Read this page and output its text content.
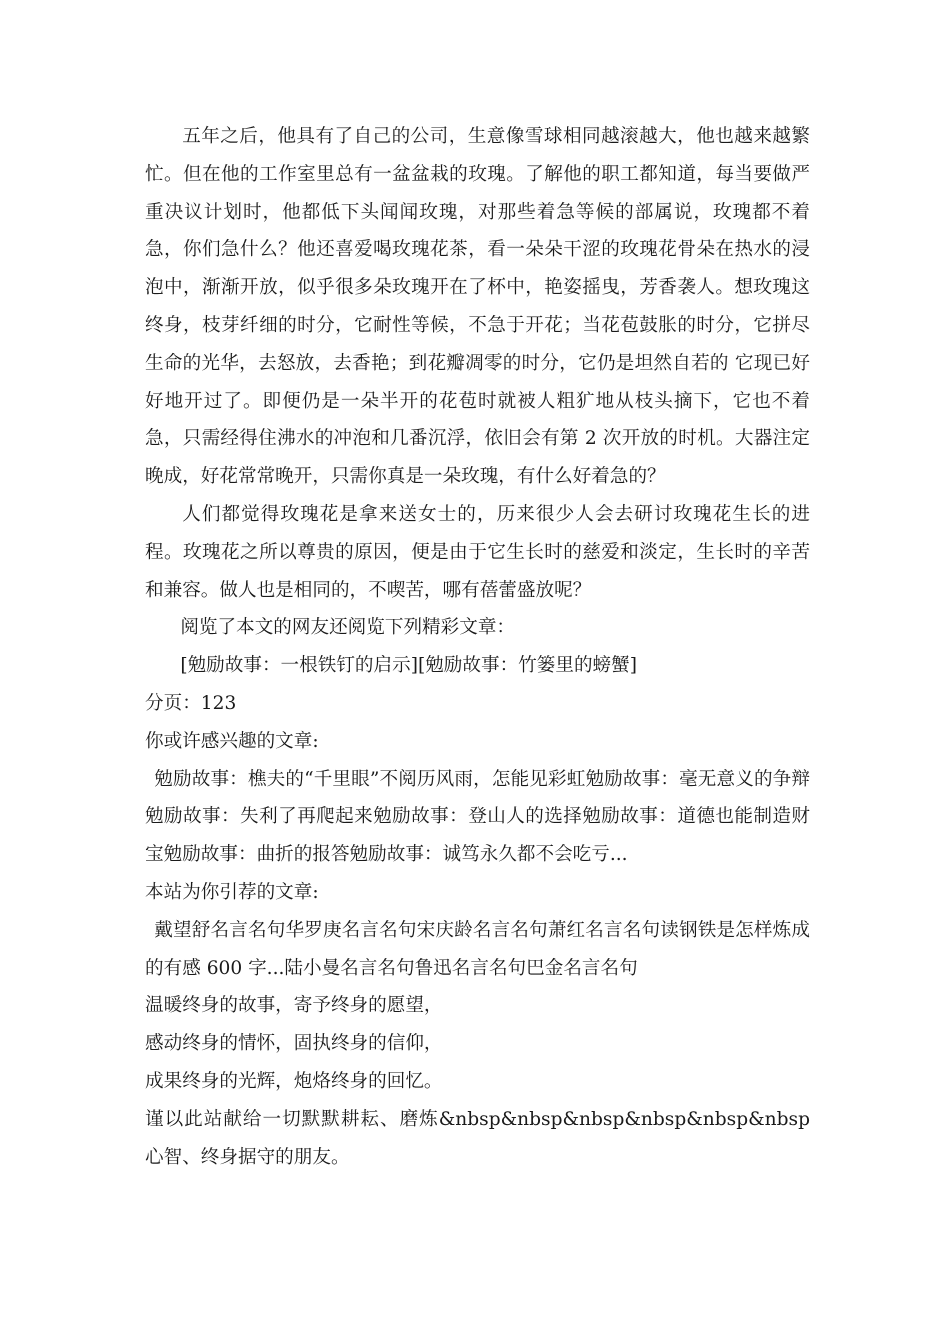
五年之后，他具有了自己的公司，生意像雪球相同越滚越大，他也越来越繁忙。但在他的工作室里总有一盆盆栽的玫瑰。了解他的职工都知道，每当要做严重决议计划时，他都低下头闻闻玫瑰，对那些着急等候的部属说，玫瑰都不着急，你们急什么？他还喜爱喝玫瑰花茶，看一朵朵干涩的玫瑰花骨朵在热水的浸泡中，渐渐开放，似乎很多朵玫瑰开在了杯中，艳姿摇曳，芳香袭人。想玫瑰这终身，枝芽纤细的时分，它耐性等候，不急于开花；当花苞鼓胀的时分，它拼尽生命的光华，去怒放，去香艳；到花瓣凋零的时分，它仍是坦然自若的 它现已好好地开过了。即便仍是一朵半开的花苞时就被人粗犷地从枝头摘下，它也不着急，只需经得住沸水的冲泡和几番沉浮，依旧会有第 2 次开放的时机。大器注定晚成，好花常常晚开，只需你真是一朵玫瑰，有什么好着急的？

人们都觉得玫瑰花是拿来送女士的，历来很少人会去研讨玫瑰花生长的进程。玫瑰花之所以尊贵的原因，便是由于它生长时的慈爱和淡定，生长时的辛苦和兼容。做人也是相同的，不喫苦，哪有蓓蕾盛放呢？

阅览了本文的网友还阅览下列精彩文章：

[勉励故事：一根铁钉的启示][勉励故事：竹篓里的螃蟹]

分页：123

你或许感兴趣的文章:

勉励故事：樵夫的“千里眼”不阅历风雨，怎能见彩虹勉励故事：毫无意义的争辩勉励故事：失利了再爬起来勉励故事：登山人的选择勉励故事：道德也能制造财宝勉励故事：曲折的报答勉励故事：诚笃永久都不会吃亏...

本站为你引荐的文章:

戴望舒名言名句华罗庚名言名句宋庆龄名言名句萧红名言名句读钢铁是怎样炼成的有感 600 字...陆小曼名言名句鲁迅名言名句巴金名言名句

温暖终身的故事，寄予终身的愿望，

感动终身的情怀，固执终身的信仰，

成果终身的光辉，炮烙终身的回忆。

谨以此站献给一切默默耕耘、磨炼&nbsp&nbsp&nbsp&nbsp&nbsp&nbsp 心智、终身据守的朋友。
